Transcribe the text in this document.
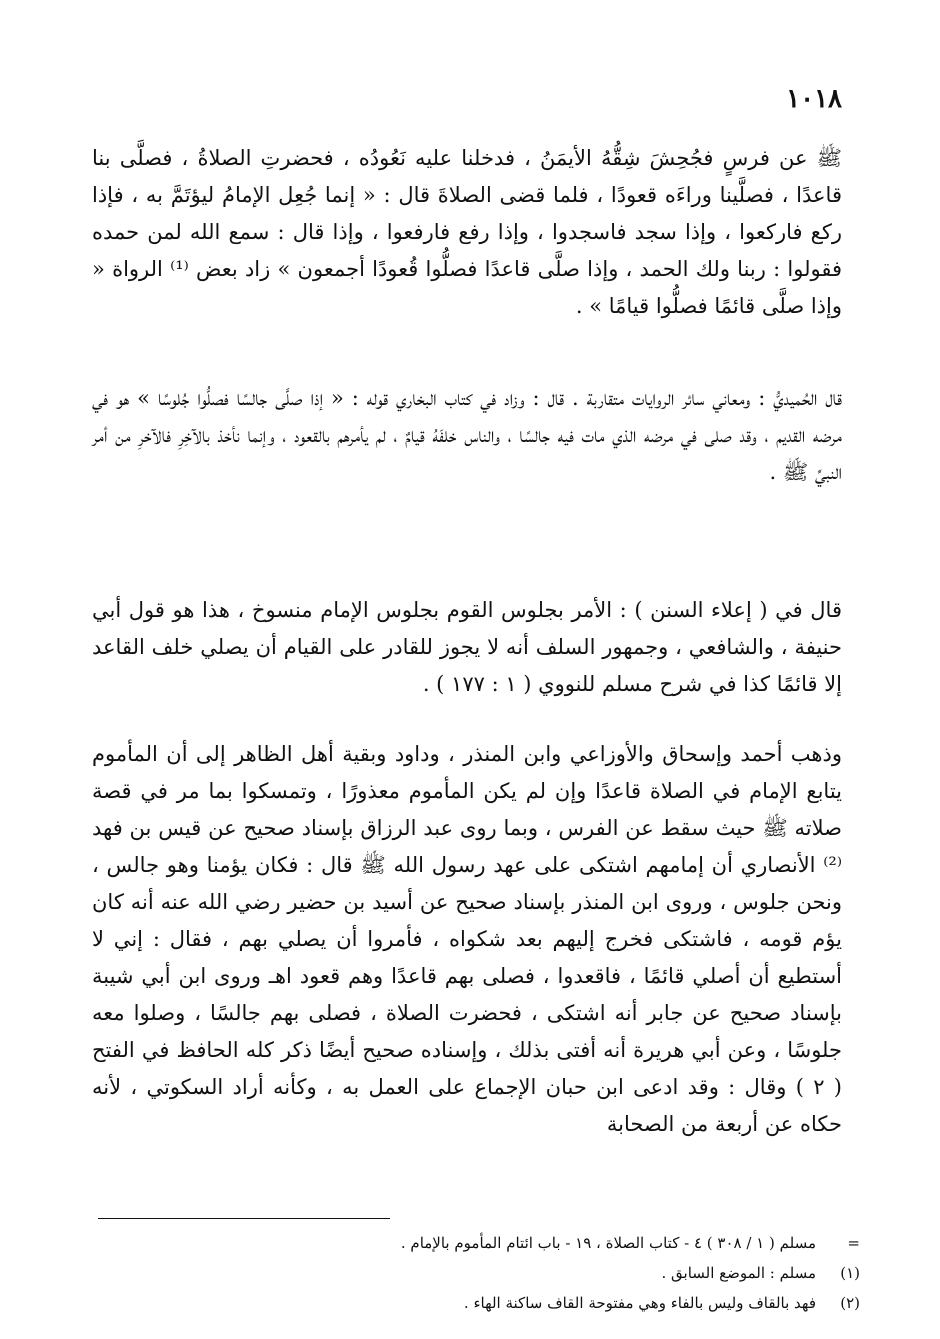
١٠١٨

ﷺ عن فرسٍ فجُحِشَ شِقُّهُ الأيمَنُ ، فدخلنا عليه نَعُودُه ، فحضرتِ الصلاةُ ، فصلَّى بنا قاعدًا ، فصلَّينا وراءَه قعودًا ، فلما قضى الصلاةَ قال : « إنما جُعِل الإمامُ ليؤتَمَّ به ، فإذا ركع فاركعوا ، وإذا سجد فاسجدوا ، وإذا رفع فارفعوا ، وإذا قال : سمع الله لمن حمده فقولوا : ربنا ولك الحمد ، وإذا صلَّى قاعدًا فصلُّوا قُعودًا أجمعون » زاد بعض ⁽¹⁾ الرواة « وإذا صلَّى قائمًا فصلُّوا قيامًا » .

قال الحُميديُّ : ومعاني سائر الروايات متقاربة . قال : وزاد في كتاب البخاري قوله : « إذا صلَّى جالسًا فصلُّوا جُلوسًا » هو في مرضه القديم ، وقد صلى في مرضه الذي مات فيه جالسًا ، والناس خلفَهُ قيامٌ ، لم يأمرهم بالقعود ، وإنما نأخذ بالآخِرِ فالآخرِ من أمر النبيِّ ﷺ .

قال في ( إعلاء السنن ) : الأمر بجلوس القوم بجلوس الإمام منسوخ ، هذا هو قول أبي حنيفة ، والشافعي ، وجمهور السلف أنه لا يجوز للقادر على القيام أن يصلي خلف القاعد إلا قائمًا كذا في شرح مسلم للنووي ( ١ : ١٧٧ ) .

وذهب أحمد وإسحاق والأوزاعي وابن المنذر ، وداود وبقية أهل الظاهر إلى أن المأموم يتابع الإمام في الصلاة قاعدًا وإن لم يكن المأموم معذورًا ، وتمسكوا بما مر في قصة صلاته ﷺ حيث سقط عن الفرس ، وبما روى عبد الرزاق بإسناد صحيح عن قيس بن فهد ⁽²⁾ الأنصاري أن إمامهم اشتكى على عهد رسول الله ﷺ قال : فكان يؤمنا وهو جالس ، ونحن جلوس ، وروى ابن المنذر بإسناد صحيح عن أسيد بن حضير رضي الله عنه أنه كان يؤم قومه ، فاشتكى فخرج إليهم بعد شكواه ، فأمروا أن يصلي بهم ، فقال : إني لا أستطيع أن أصلي قائمًا ، فاقعدوا ، فصلى بهم قاعدًا وهم قعود اهـ وروى ابن أبي شيبة بإسناد صحيح عن جابر أنه اشتكى ، فحضرت الصلاة ، فصلى بهم جالسًا ، وصلوا معه جلوسًا ، وعن أبي هريرة أنه أفتى بذلك ، وإسناده صحيح أيضًا ذكر كله الحافظ في الفتح ( ٢ ) وقال : وقد ادعى ابن حبان الإجماع على العمل به ، وكأنه أراد السكوتي ، لأنه حكاه عن أربعة من الصحابة

=
مسلم ( ١ / ٣٠٨ ) ٤ - كتاب الصلاة ، ١٩ - باب ائتام المأموم بالإمام .
(١)
مسلم : الموضع السابق .
(٢)
فهد بالقاف وليس بالفاء وهي مفتوحة القاف ساكنة الهاء .
